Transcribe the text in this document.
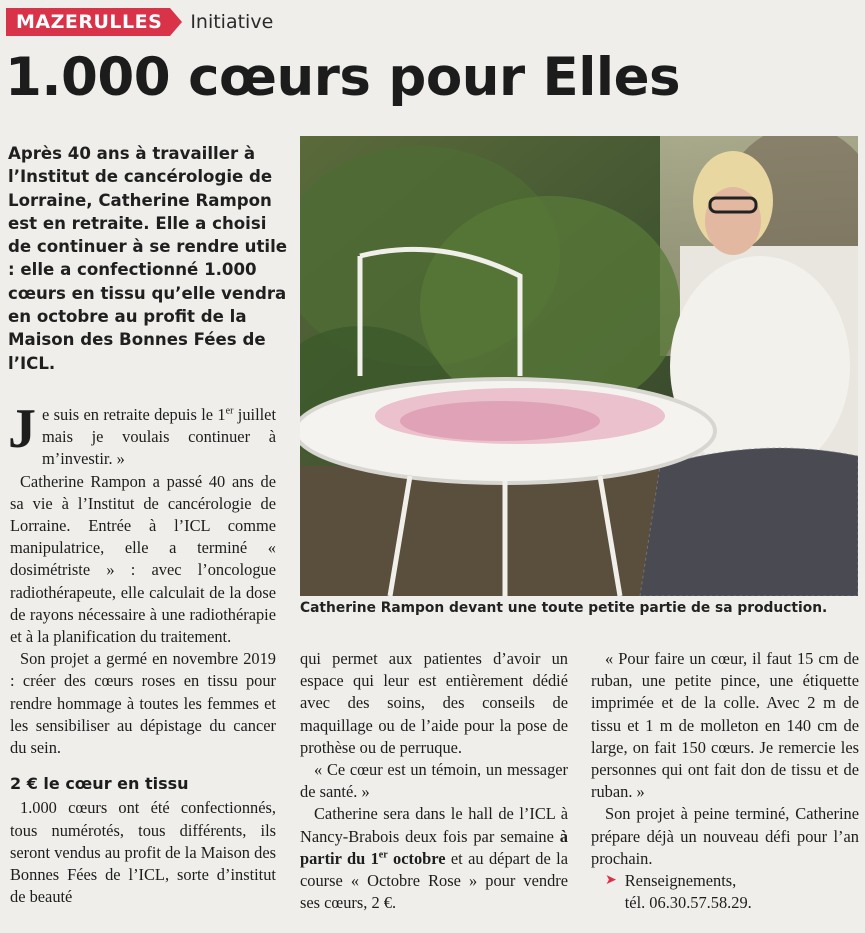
MAZERULLES	Initiative
1.000 cœurs pour Elles
Après 40 ans à travailler à l’Institut de cancérologie de Lorraine, Catherine Rampon est en retraite. Elle a choisi de continuer à se rendre utile : elle a confectionné 1.000 cœurs en tissu qu’elle vendra en octobre au profit de la Maison des Bonnes Fées de l’ICL.

Je suis en retraite depuis le 1er juillet mais je voulais continuer à m’investir. »

Catherine Rampon a passé 40 ans de sa vie à l’Institut de cancérologie de Lorraine. Entrée à l’ICL comme manipulatrice, elle a terminé « dosimétriste » : avec l’oncologue radiothérapeute, elle calculait de la dose de rayons nécessaire à une radiothérapie et à la planification du traitement.

Son projet a germé en novembre 2019 : créer des cœurs roses en tissu pour rendre hommage à toutes les femmes et les sensibiliser au dépistage du cancer du sein.

2 € le cœur en tissu

1.000 cœurs ont été confectionnés, tous numérotés, tous différents, ils seront vendus au profit de la Maison des Bonnes Fées de l’ICL, sorte d’institut de beauté

Catherine Rampon devant une toute petite partie de sa production.

qui permet aux patientes d’avoir un espace qui leur est entièrement dédié avec des soins, des conseils de maquillage ou de l’aide pour la pose de prothèse ou de perruque.

« Ce cœur est un témoin, un messager de santé. »

Catherine sera dans le hall de l’ICL à Nancy-Brabois deux fois par semaine à partir du 1er octobre et au départ de la course « Octobre Rose » pour vendre ses cœurs, 2 €.

« Pour faire un cœur, il faut 15 cm de ruban, une petite pince, une étiquette imprimée et de la colle. Avec 2 m de tissu et 1 m de molleton en 140 cm de large, on fait 150 cœurs. Je remercie les personnes qui ont fait don de tissu et de ruban. »

Son projet à peine terminé, Catherine prépare déjà un nouveau défi pour l’an prochain.

➤ Renseignements,
tél. 06.30.57.58.29.
